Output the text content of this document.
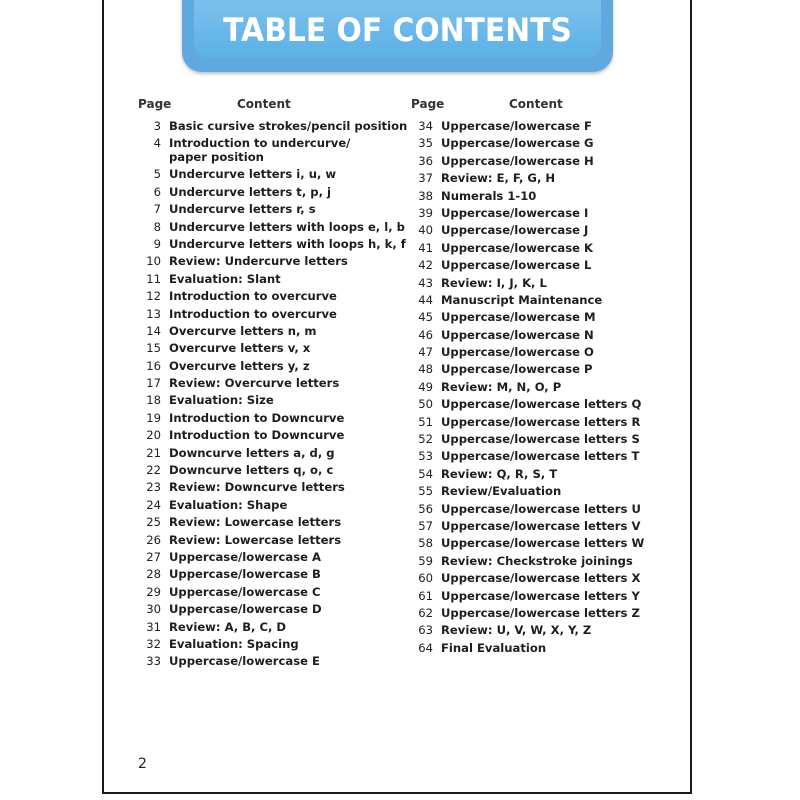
TABLE OF CONTENTS
Page	Content	Page	Content
3 Basic cursive strokes/pencil position
4 Introduction to undercurve/
paper position
5 Undercurve letters i, u, w
6 Undercurve letters t, p, j
7 Undercurve letters r, s
8 Undercurve letters with loops e, l, b
9 Undercurve letters with loops h, k, f
10 Review: Undercurve letters
11 Evaluation: Slant
12 Introduction to overcurve
13 Introduction to overcurve
14 Overcurve letters n, m
15 Overcurve letters v, x
16 Overcurve letters y, z
17 Review: Overcurve letters
18 Evaluation: Size
19 Introduction to Downcurve
20 Introduction to Downcurve
21 Downcurve letters a, d, g
22 Downcurve letters q, o, c
23 Review: Downcurve letters
24 Evaluation: Shape
25 Review: Lowercase letters
26 Review: Lowercase letters
27 Uppercase/lowercase A
28 Uppercase/lowercase B
29 Uppercase/lowercase C
30 Uppercase/lowercase D
31 Review: A, B, C, D
32 Evaluation: Spacing
33 Uppercase/lowercase E
34 Uppercase/lowercase F
35 Uppercase/lowercase G
36 Uppercase/lowercase H
37 Review: E, F, G, H
38 Numerals 1-10
39 Uppercase/lowercase I
40 Uppercase/lowercase J
41 Uppercase/lowercase K
42 Uppercase/lowercase L
43 Review: I, J, K, L
44 Manuscript Maintenance
45 Uppercase/lowercase M
46 Uppercase/lowercase N
47 Uppercase/lowercase O
48 Uppercase/lowercase P
49 Review: M, N, O, P
50 Uppercase/lowercase letters Q
51 Uppercase/lowercase letters R
52 Uppercase/lowercase letters S
53 Uppercase/lowercase letters T
54 Review: Q, R, S, T
55 Review/Evaluation
56 Uppercase/lowercase letters U
57 Uppercase/lowercase letters V
58 Uppercase/lowercase letters W
59 Review: Checkstroke joinings
60 Uppercase/lowercase letters X
61 Uppercase/lowercase letters Y
62 Uppercase/lowercase letters Z
63 Review: U, V, W, X, Y, Z
64 Final Evaluation
2
